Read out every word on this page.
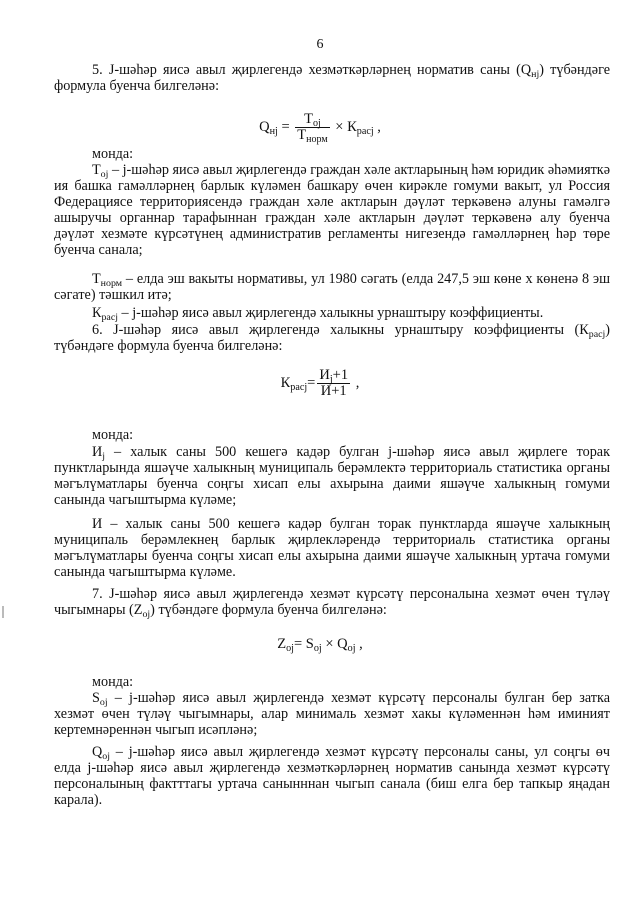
6

5. J-шәһәр яисә авыл җирлегендә хезмәткәрләрнең норматив саны $(Q_{нj})$ түбәндәге формула буенча билгеләнә:

$Q_{нj} = \frac{T_{oj}}{T_{норм}} \times К_{расj}$ ,
монда:

$T_{oj}$ – j-шәһәр яисә авыл җирлегендә граждан хәле актларының һәм юридик әһәмияткә ия башка гамәлләрнең барлык күләмен башкару өчен кирәкле гомуми вакыт, ул Россия Федерациясе территориясендә граждан хәле актларын дәүләт теркәвенә алуны гамәлгә ашыручы органнар тарафыннан граждан хәле актларын дәүләт теркәвенә алу буенча дәүләт хезмәте күрсәтүнең административ регламенты нигезендә гамәлләрнең һәр төре буенча санала;

$T_{норм}$ – елда эш вакыты нормативы, ул 1980 сәгать (елда 247,5 эш көне х көненә 8 эш сәгате) тәшкил итә;

$К_{расj}$ – j-шәһәр яисә авыл җирлегендә халыкны урнаштыру коэффициенты.

6. J-шәһәр яисә авыл җирлегендә халыкны урнаштыру коэффициенты $(К_{расj})$ түбәндәге формула буенча билгеләнә:

$К_{расj}= \frac{И_j+1}{И+1}$ ,
монда:

$И_j$ – халык саны 500 кешегә кадәр булган j-шәһәр яисә авыл җирлеге торак пунктларында яшәүче халыкның муниципаль берәмлектә территориаль статистика органы мәгълүматлары буенча соңгы хисап елы ахырына даими яшәүче халыкның гомуми санында чагыштырма күләме;

И – халык саны 500 кешегә кадәр булган торак пунктларда яшәүче халыкның муниципаль берәмлекнең барлык җирлекләрендә территориаль статистика органы мәгълүматлары буенча соңгы хисап елы ахырына даими яшәүче халыкның уртача гомуми санында чагыштырма күләме.

7. J-шәһәр яисә авыл җирлегендә хезмәт күрсәтү персоналына хезмәт өчен түләү чыгымнары $(Z_{oj})$ түбәндәге формула буенча билгеләнә:

$Z_{oj}= S_{oj} \times Q_{oj}$ ,
монда:

$S_{oj}$ – j-шәһәр яисә авыл җирлегендә хезмәт күрсәтү персоналы булган бер затка хезмәт өчен түләү чыгымнары, алар минималь хезмәт хакы күләменнән һәм иминият кертемнәреннән чыгып исәпләнә;

$Q_{oj}$ – j-шәһәр яисә авыл җирлегендә хезмәт күрсәтү персоналы саны, ул соңгы өч елда j-шәһәр яисә авыл җирлегендә хезмәткәрләрнең норматив санында хезмәт күрсәтү персоналының фактттагы уртача санынннан чыгып санала (биш елга бер тапкыр яңадан карала).
